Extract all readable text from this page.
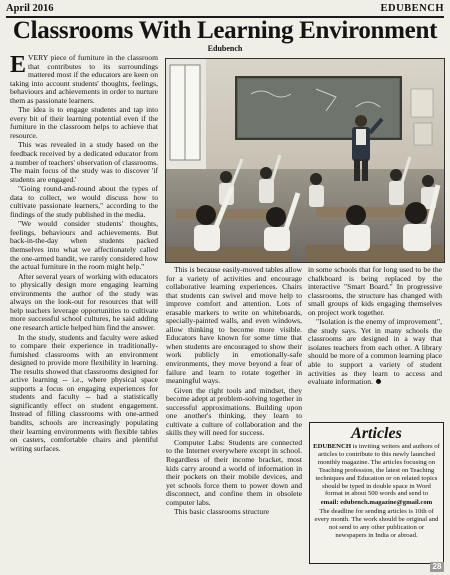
April 2016	EDUBENCH
Classrooms With Learning Environment
Edubench

EVERY piece of furniture in the classroom that contributes to its surroundings mattered most if the educators are keen on taking into account students' thoughts, feelings, behaviours and achievements in order to nurture them as passionate learners.

The idea is to engage students and tap into every bit of their learning potential even if the furniture in the classroom helps to achieve that resource.

This was revealed in a study based on the feedback received by a dedicated educator from a number of teachers' observation of classrooms. The main focus of the study was to discover 'if students are engaged.'

"Going round-and-round about the types of data to collect, we would discuss how to cultivate passionate learners," according to the findings of the study published in the media.

"We would consider students' thoughts, feelings, behaviours and achievements. But back-in-the-day when students packed themselves into what we affectionately called the one-armed bandit, we rarely considered how the actual furniture in the room might help."

After several years of working with educators to physically design more engaging learning environments the author of the study was always on the look-out for resources that will help teachers leverage opportunities to cultivate more successful school cultures, he said adding one research article helped him find the answer.

In the study, students and faculty were asked to compare their experience in traditionally-furnished classrooms with an environment designed to provide more flexibility in learning. The results showed that classrooms designed for active learning -- i.e., where physical space supports a focus on engaging experiences for students and faculty -- had a statistically significantly effect on student engagement. Instead of filling classrooms with one-armed bandits, schools are increasingly populating their learning environments with flexible tables on casters, comfortable chairs and plentiful writing surfaces.

This is because easily-moved tables allow for a variety of activities and encourage collaborative learning experiences. Chairs that students can swivel and move help to improve comfort and attention. Lots of erasable markers to write on whiteboards, specially-painted walls, and even windows, allow thinking to become more visible. Educators have known for some time that when students are encouraged to show their work publicly in emotionally-safe environments, they move beyond a fear of failure and learn to rotate together in meaningful ways.

Given the right tools and mindset, they become adept at problem-solving together in successful approximations. Building upon one another's thinking, they learn to cultivate a culture of collaboration and the skills they will need for success.

Computer Labs: Students are connected to the Internet everywhere except in school. Regardless of their income bracket, most kids carry around a world of information in their pockets on their mobile devices, and yet schools force them to power down and disconnect, and confine them in obsolete computer labs.

This basic classrooms structure

in some schools that for long used to be the chalkboard is being replaced by the interactive "Smart Board." In progressive classrooms, the structure has changed with small groups of kids engaging themselves on project work together.

"Isolation is the enemy of improvement", the study says. Yet in many schools the classrooms are designed in a way that isolates teachers from each other. A library should be more of a common learning place able to support a variety of student activities as they learn to access and evaluate information.

Articles

EDUBENCH is inviting writers and authors of articles to contribute to this newly launched monthly magazine. The articles focusing on Teaching profession, the latest on Teaching techniques and Education or on related topics should be typed in double space in Word format in about 500 words and send to

email: edubench.magazine@gmail.com

The deadline for sending articles is 10th of every month. The work should be original and not send to any other publication or newspapers in India or abroad.

28
